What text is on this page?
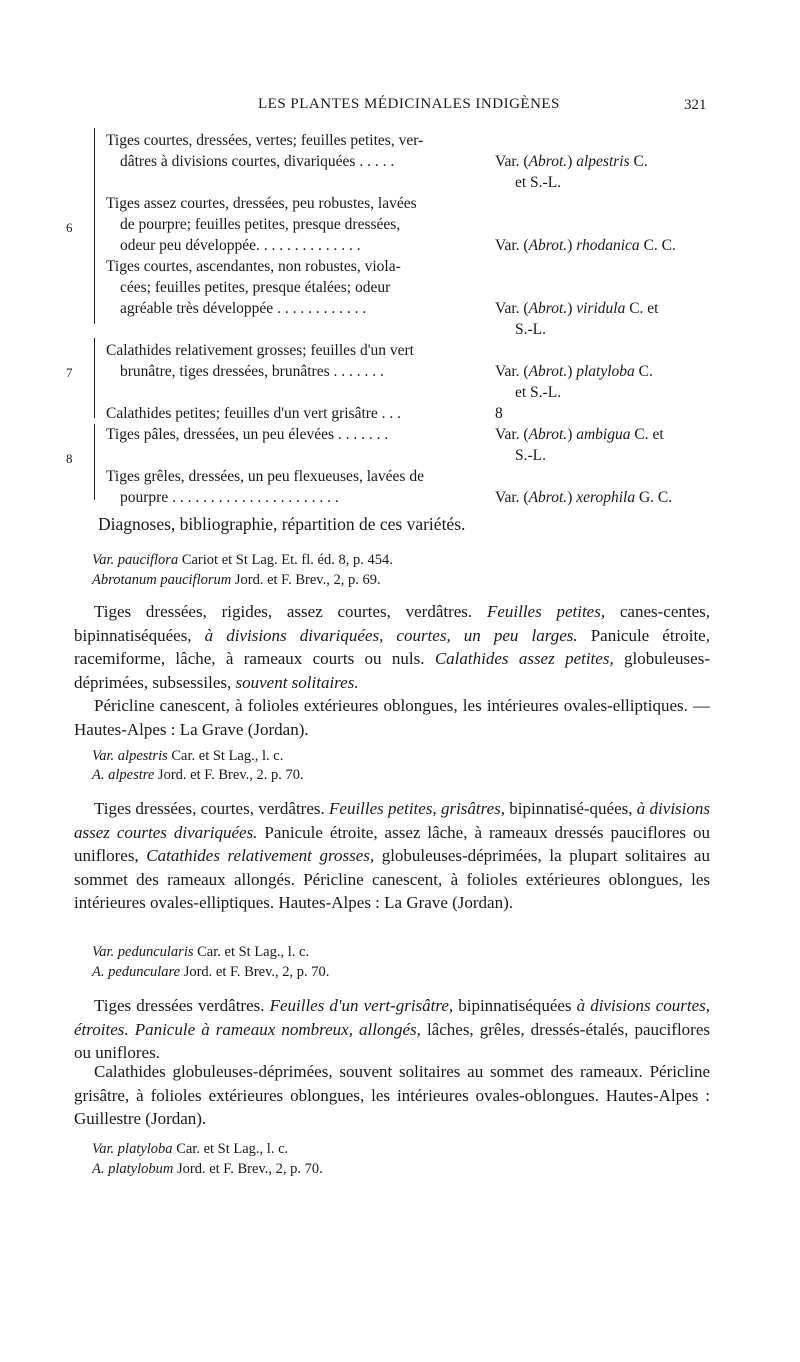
LES PLANTES MÉDICINALES INDIGÈNES	321
6
7
8
Tiges courtes, dressées, vertes; feuilles petites, ver-
dâtres à divisions courtes, divariquées . . . . .
Tiges assez courtes, dressées, peu robustes, lavées
de pourpre; feuilles petites, presque dressées,
odeur peu développée. . . . . . . . . . . . . .
Tiges courtes, ascendantes, non robustes, viola-
cées; feuilles petites, presque étalées; odeur
agréable très développée . . . . . . . . . . . .
Calathides relativement grosses; feuilles d'un vert
brunâtre, tiges dressées, brunâtres . . . . . . .
Calathides petites; feuilles d'un vert grisâtre . . .
Tiges pâles, dressées, un peu élevées . . . . . . .
Tiges grêles, dressées, un peu flexueuses, lavées de
pourpre . . . . . . . . . . . . . . . . . . . . . .
Var. (Abrot.) alpestris C.
et S.-L.
Var. (Abrot.) rhodanica C. C.
Var. (Abrot.) viridula C. et
S.-L.
Var. (Abrot.) platyloba C.
et S.-L.
8
Var. (Abrot.) ambigua C. et
S.-L.
Var. (Abrot.) xerophila G. C.
Diagnoses, bibliographie, répartition de ces variétés.
Var. pauciflora Cariot et St Lag. Et. fl. éd. 8, p. 454.
Abrotanum pauciflorum Jord. et F. Brev., 2, p. 69.
Tiges dressées, rigides, assez courtes, verdâtres. Feuilles petites, canes-centes, bipinnatiséquées, à divisions divariquées, courtes, un peu larges. Panicule étroite, racemiforme, lâche, à rameaux courts ou nuls. Calathides assez petites, globuleuses-déprimées, subsessiles, souvent solitaires.
Péricline canescent, à folioles extérieures oblongues, les intérieures ovales-elliptiques. — Hautes-Alpes : La Grave (Jordan).
Var. alpestris Car. et St Lag., l. c.
A. alpestre Jord. et F. Brev., 2. p. 70.
Tiges dressées, courtes, verdâtres. Feuilles petites, grisâtres, bipinnatisé-quées, à divisions assez courtes divariquées. Panicule étroite, assez lâche, à rameaux dressés pauciflores ou uniflores, Catathides relativement grosses, globuleuses-déprimées, la plupart solitaires au sommet des rameaux allongés. Péricline canescent, à folioles extérieures oblongues, les intérieures ovales-elliptiques. Hautes-Alpes : La Grave (Jordan).
Var. peduncularis Car. et St Lag., l. c.
A. pedunculare Jord. et F. Brev., 2, p. 70.
Tiges dressées verdâtres. Feuilles d'un vert-grisâtre, bipinnatiséquées à divisions courtes, étroites. Panicule à rameaux nombreux, allongés, lâches, grêles, dressés-étalés, pauciflores ou uniflores.
Calathides globuleuses-déprimées, souvent solitaires au sommet des rameaux. Péricline grisâtre, à folioles extérieures oblongues, les intérieures ovales-oblongues. Hautes-Alpes : Guillestre (Jordan).
Var. platyloba Car. et St Lag., l. c.
A. platylobum Jord. et F. Brev., 2, p. 70.
